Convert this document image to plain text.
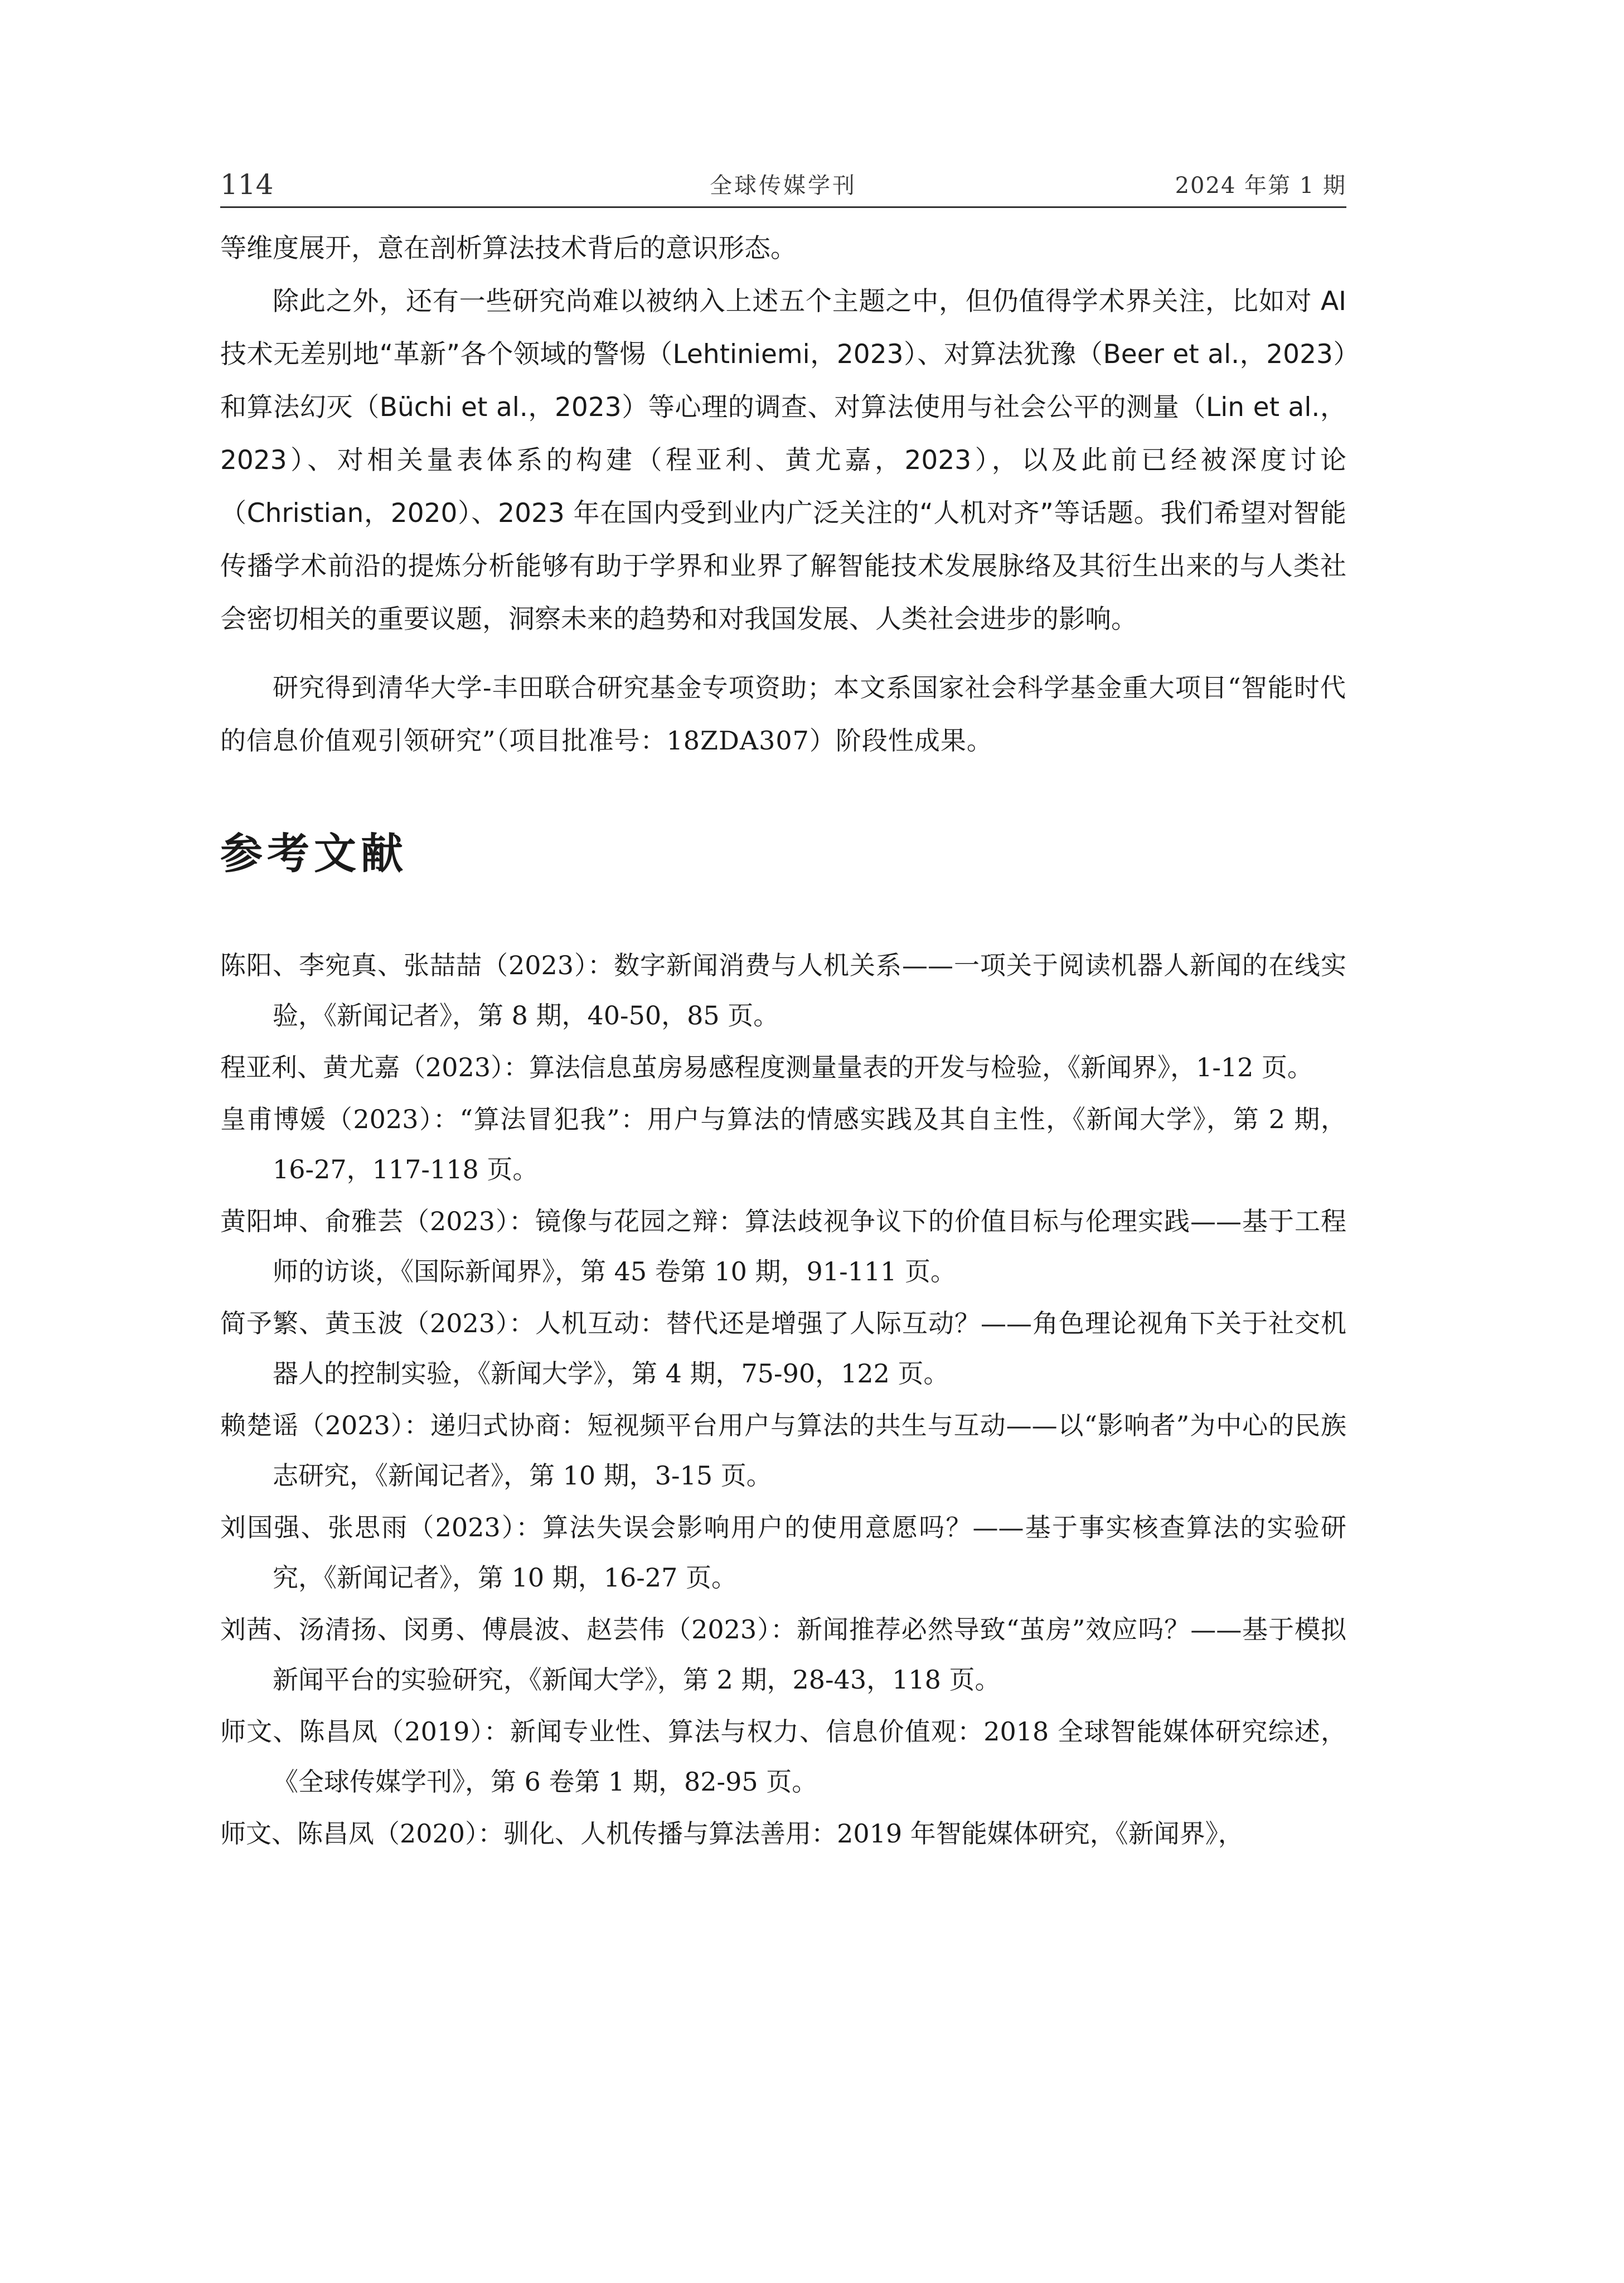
114	全球传媒学刊	2024 年第 1 期

等维度展开，意在剖析算法技术背后的意识形态。

除此之外，还有一些研究尚难以被纳入上述五个主题之中，但仍值得学术界关注，比如对 AI 技术无差别地“革新”各个领域的警惕（Lehtiniemi，2023）、对算法犹豫（Beer et al.，2023）和算法幻灭（Büchi et al.，2023）等心理的调查、对算法使用与社会公平的测量（Lin et al.，2023）、对相关量表体系的构建（程亚利、黄尤嘉，2023），以及此前已经被深度讨论（Christian，2020）、2023 年在国内受到业内广泛关注的“人机对齐”等话题。我们希望对智能传播学术前沿的提炼分析能够有助于学界和业界了解智能技术发展脉络及其衍生出来的与人类社会密切相关的重要议题，洞察未来的趋势和对我国发展、人类社会进步的影响。

研究得到清华大学-丰田联合研究基金专项资助；本文系国家社会科学基金重大项目“智能时代的信息价值观引领研究”（项目批准号：18ZDA307）阶段性成果。

参考文献
陈阳、李宛真、张喆喆（2023）：数字新闻消费与人机关系——一项关于阅读机器人新闻的在线实验，《新闻记者》，第 8 期，40-50，85 页。
程亚利、黄尤嘉（2023）：算法信息茧房易感程度测量量表的开发与检验，《新闻界》，1-12 页。
皇甫博媛（2023）：“算法冒犯我”：用户与算法的情感实践及其自主性，《新闻大学》，第 2 期，16-27，117-118 页。
黄阳坤、俞雅芸（2023）：镜像与花园之辩：算法歧视争议下的价值目标与伦理实践——基于工程师的访谈，《国际新闻界》，第 45 卷第 10 期，91-111 页。
简予繁、黄玉波（2023）：人机互动：替代还是增强了人际互动？——角色理论视角下关于社交机器人的控制实验，《新闻大学》，第 4 期，75-90，122 页。
赖楚谣（2023）：递归式协商：短视频平台用户与算法的共生与互动——以“影响者”为中心的民族志研究，《新闻记者》，第 10 期，3-15 页。
刘国强、张思雨（2023）：算法失误会影响用户的使用意愿吗？——基于事实核查算法的实验研究，《新闻记者》，第 10 期，16-27 页。
刘茜、汤清扬、闵勇、傅晨波、赵芸伟（2023）：新闻推荐必然导致“茧房”效应吗？——基于模拟新闻平台的实验研究，《新闻大学》，第 2 期，28-43，118 页。
师文、陈昌凤（2019）：新闻专业性、算法与权力、信息价值观：2018 全球智能媒体研究综述，《全球传媒学刊》，第 6 卷第 1 期，82-95 页。
师文、陈昌凤（2020）：驯化、人机传播与算法善用：2019 年智能媒体研究，《新闻界》，
